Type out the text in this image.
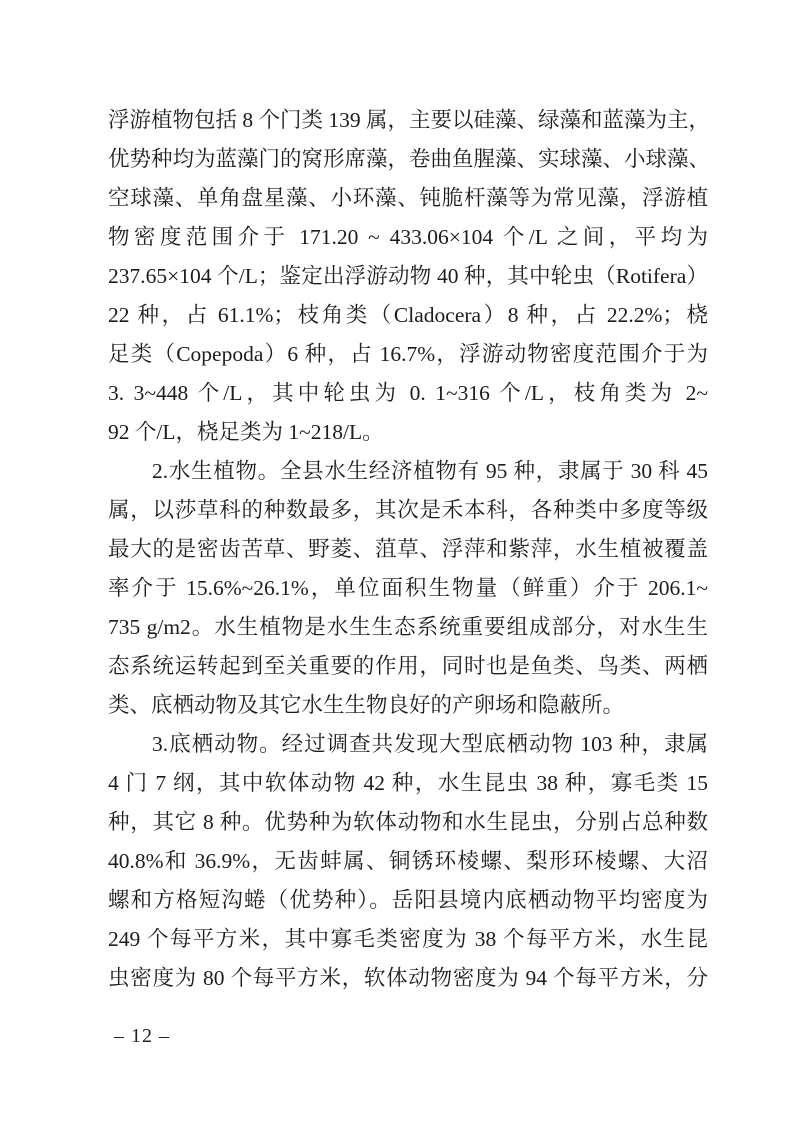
浮游植物包括 8 个门类 139 属，主要以硅藻、绿藻和蓝藻为主，
优势种均为蓝藻门的窝形席藻，卷曲鱼腥藻、实球藻、小球藻、
空球藻、单角盘星藻、小环藻、钝脆杆藻等为常见藻，浮游植
物密度范围介于 171.20 ~ 433.06×104 个/L 之间，平均为
237.65×104 个/L；鉴定出浮游动物 40 种，其中轮虫（Rotifera）
22 种，占 61.1%；枝角类（Cladocera）8 种，占 22.2%；桡
足类（Copepoda）6 种，占 16.7%，浮游动物密度范围介于为
3. 3~448 个/L，其中轮虫为 0. 1~316 个/L，枝角类为 2~
92 个/L，桡足类为 1~218/L。
2.水生植物。全县水生经济植物有 95 种，隶属于 30 科 45
属，以莎草科的种数最多，其次是禾本科，各种类中多度等级
最大的是密齿苦草、野菱、菹草、浮萍和紫萍，水生植被覆盖
率介于 15.6%~26.1%，单位面积生物量（鲜重）介于 206.1~
735 g/m2。水生植物是水生生态系统重要组成部分，对水生生
态系统运转起到至关重要的作用，同时也是鱼类、鸟类、两栖
类、底栖动物及其它水生生物良好的产卵场和隐蔽所。
3.底栖动物。经过调查共发现大型底栖动物 103 种，隶属
4 门 7 纲，其中软体动物 42 种，水生昆虫 38 种，寡毛类 15
种，其它 8 种。优势种为软体动物和水生昆虫，分别占总种数
40.8%和 36.9%，无齿蚌属、铜锈环棱螺、梨形环棱螺、大沼
螺和方格短沟蜷（优势种）。岳阳县境内底栖动物平均密度为
249 个每平方米，其中寡毛类密度为 38 个每平方米，水生昆
虫密度为 80 个每平方米，软体动物密度为 94 个每平方米，分
– 12 –
